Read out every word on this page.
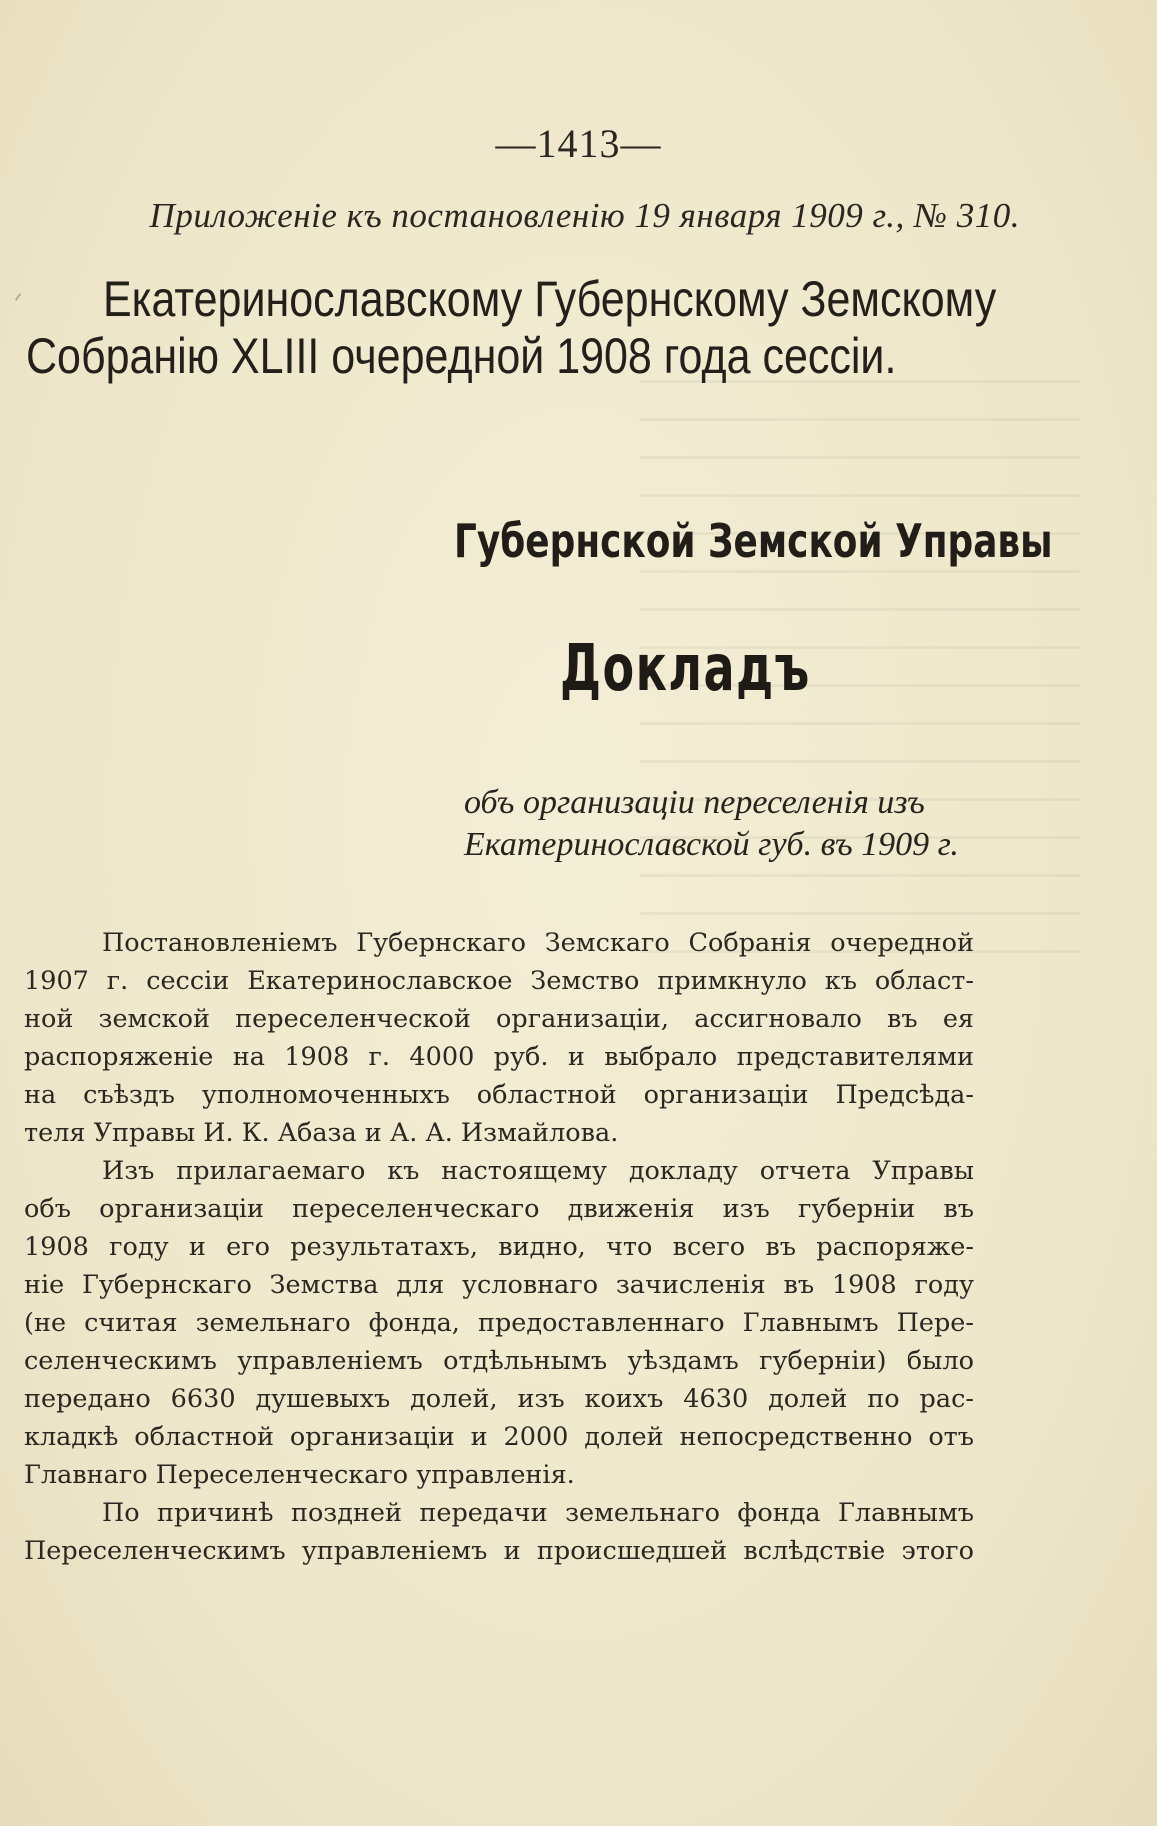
—1413—
Приложеніе къ постановленію 19 января 1909 г., № 310.
Екатеринославскому Губернскому Земскому
Собранію XLIII очередной 1908 года сессіи.
Губернской Земской Управы
Докладъ
объ организаціи переселенія изъ
Екатеринославской губ. въ 1909 г.
Постановленіемъ Губернскаго Земскаго Собранія очередной
1907 г. сессіи Екатеринославское Земство примкнуло къ област-
ной земской переселенческой организаціи, ассигновало въ ея
распоряженіе на 1908 г. 4000 руб. и выбрало представителями
на съѣздъ уполномоченныхъ областной организаціи Предсѣда-
теля Управы И. К. Абаза и А. А. Измайлова.
Изъ прилагаемаго къ настоящему докладу отчета Управы
объ организаціи переселенческаго движенія изъ губерніи въ
1908 году и его результатахъ, видно, что всего въ распоряже-
ніе Губернскаго Земства для условнаго зачисленія въ 1908 году
(не считая земельнаго фонда, предоставленнаго Главнымъ Пере-
селенческимъ управленіемъ отдѣльнымъ уѣздамъ губерніи) было
передано 6630 душевыхъ долей, изъ коихъ 4630 долей по рас-
кладкѣ областной организаціи и 2000 долей непосредственно отъ
Главнаго Переселенческаго управленія.
По причинѣ поздней передачи земельнаго фонда Главнымъ
Переселенческимъ управленіемъ и происшедшей вслѣдствіе этого
